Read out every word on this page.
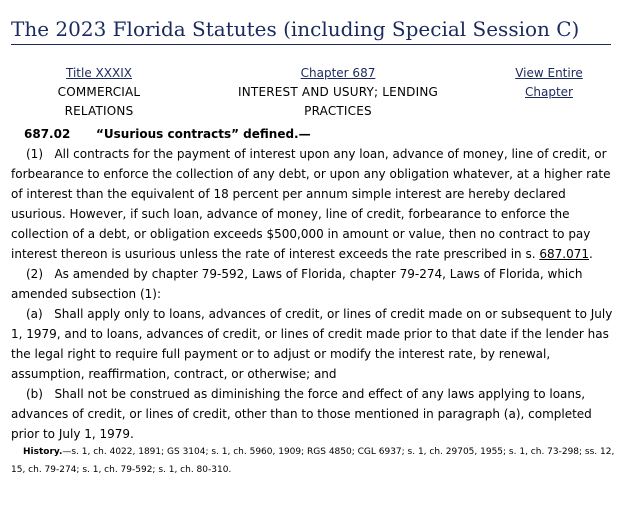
The 2023 Florida Statutes (including Special Session C)
Title XXXIX
COMMERCIAL
RELATIONS
Chapter 687
INTEREST AND USURY; LENDING
PRACTICES
View Entire
Chapter

687.02 “Usurious contracts” defined.—

(1) All contracts for the payment of interest upon any loan, advance of money, line of credit, or forbearance to enforce the collection of any debt, or upon any obligation whatever, at a higher rate of interest than the equivalent of 18 percent per annum simple interest are hereby declared usurious. However, if such loan, advance of money, line of credit, forbearance to enforce the collection of a debt, or obligation exceeds $500,000 in amount or value, then no contract to pay interest thereon is usurious unless the rate of interest exceeds the rate prescribed in s. 687.071.

(2) As amended by chapter 79-592, Laws of Florida, chapter 79-274, Laws of Florida, which amended subsection (1):

(a) Shall apply only to loans, advances of credit, or lines of credit made on or subsequent to July 1, 1979, and to loans, advances of credit, or lines of credit made prior to that date if the lender has the legal right to require full payment or to adjust or modify the interest rate, by renewal, assumption, reaffirmation, contract, or otherwise; and

(b) Shall not be construed as diminishing the force and effect of any laws applying to loans, advances of credit, or lines of credit, other than to those mentioned in paragraph (a), completed prior to July 1, 1979.

History.—s. 1, ch. 4022, 1891; GS 3104; s. 1, ch. 5960, 1909; RGS 4850; CGL 6937; s. 1, ch. 29705, 1955; s. 1, ch. 73-298; ss. 12, 15, ch. 79-274; s. 1, ch. 79-592; s. 1, ch. 80-310.
